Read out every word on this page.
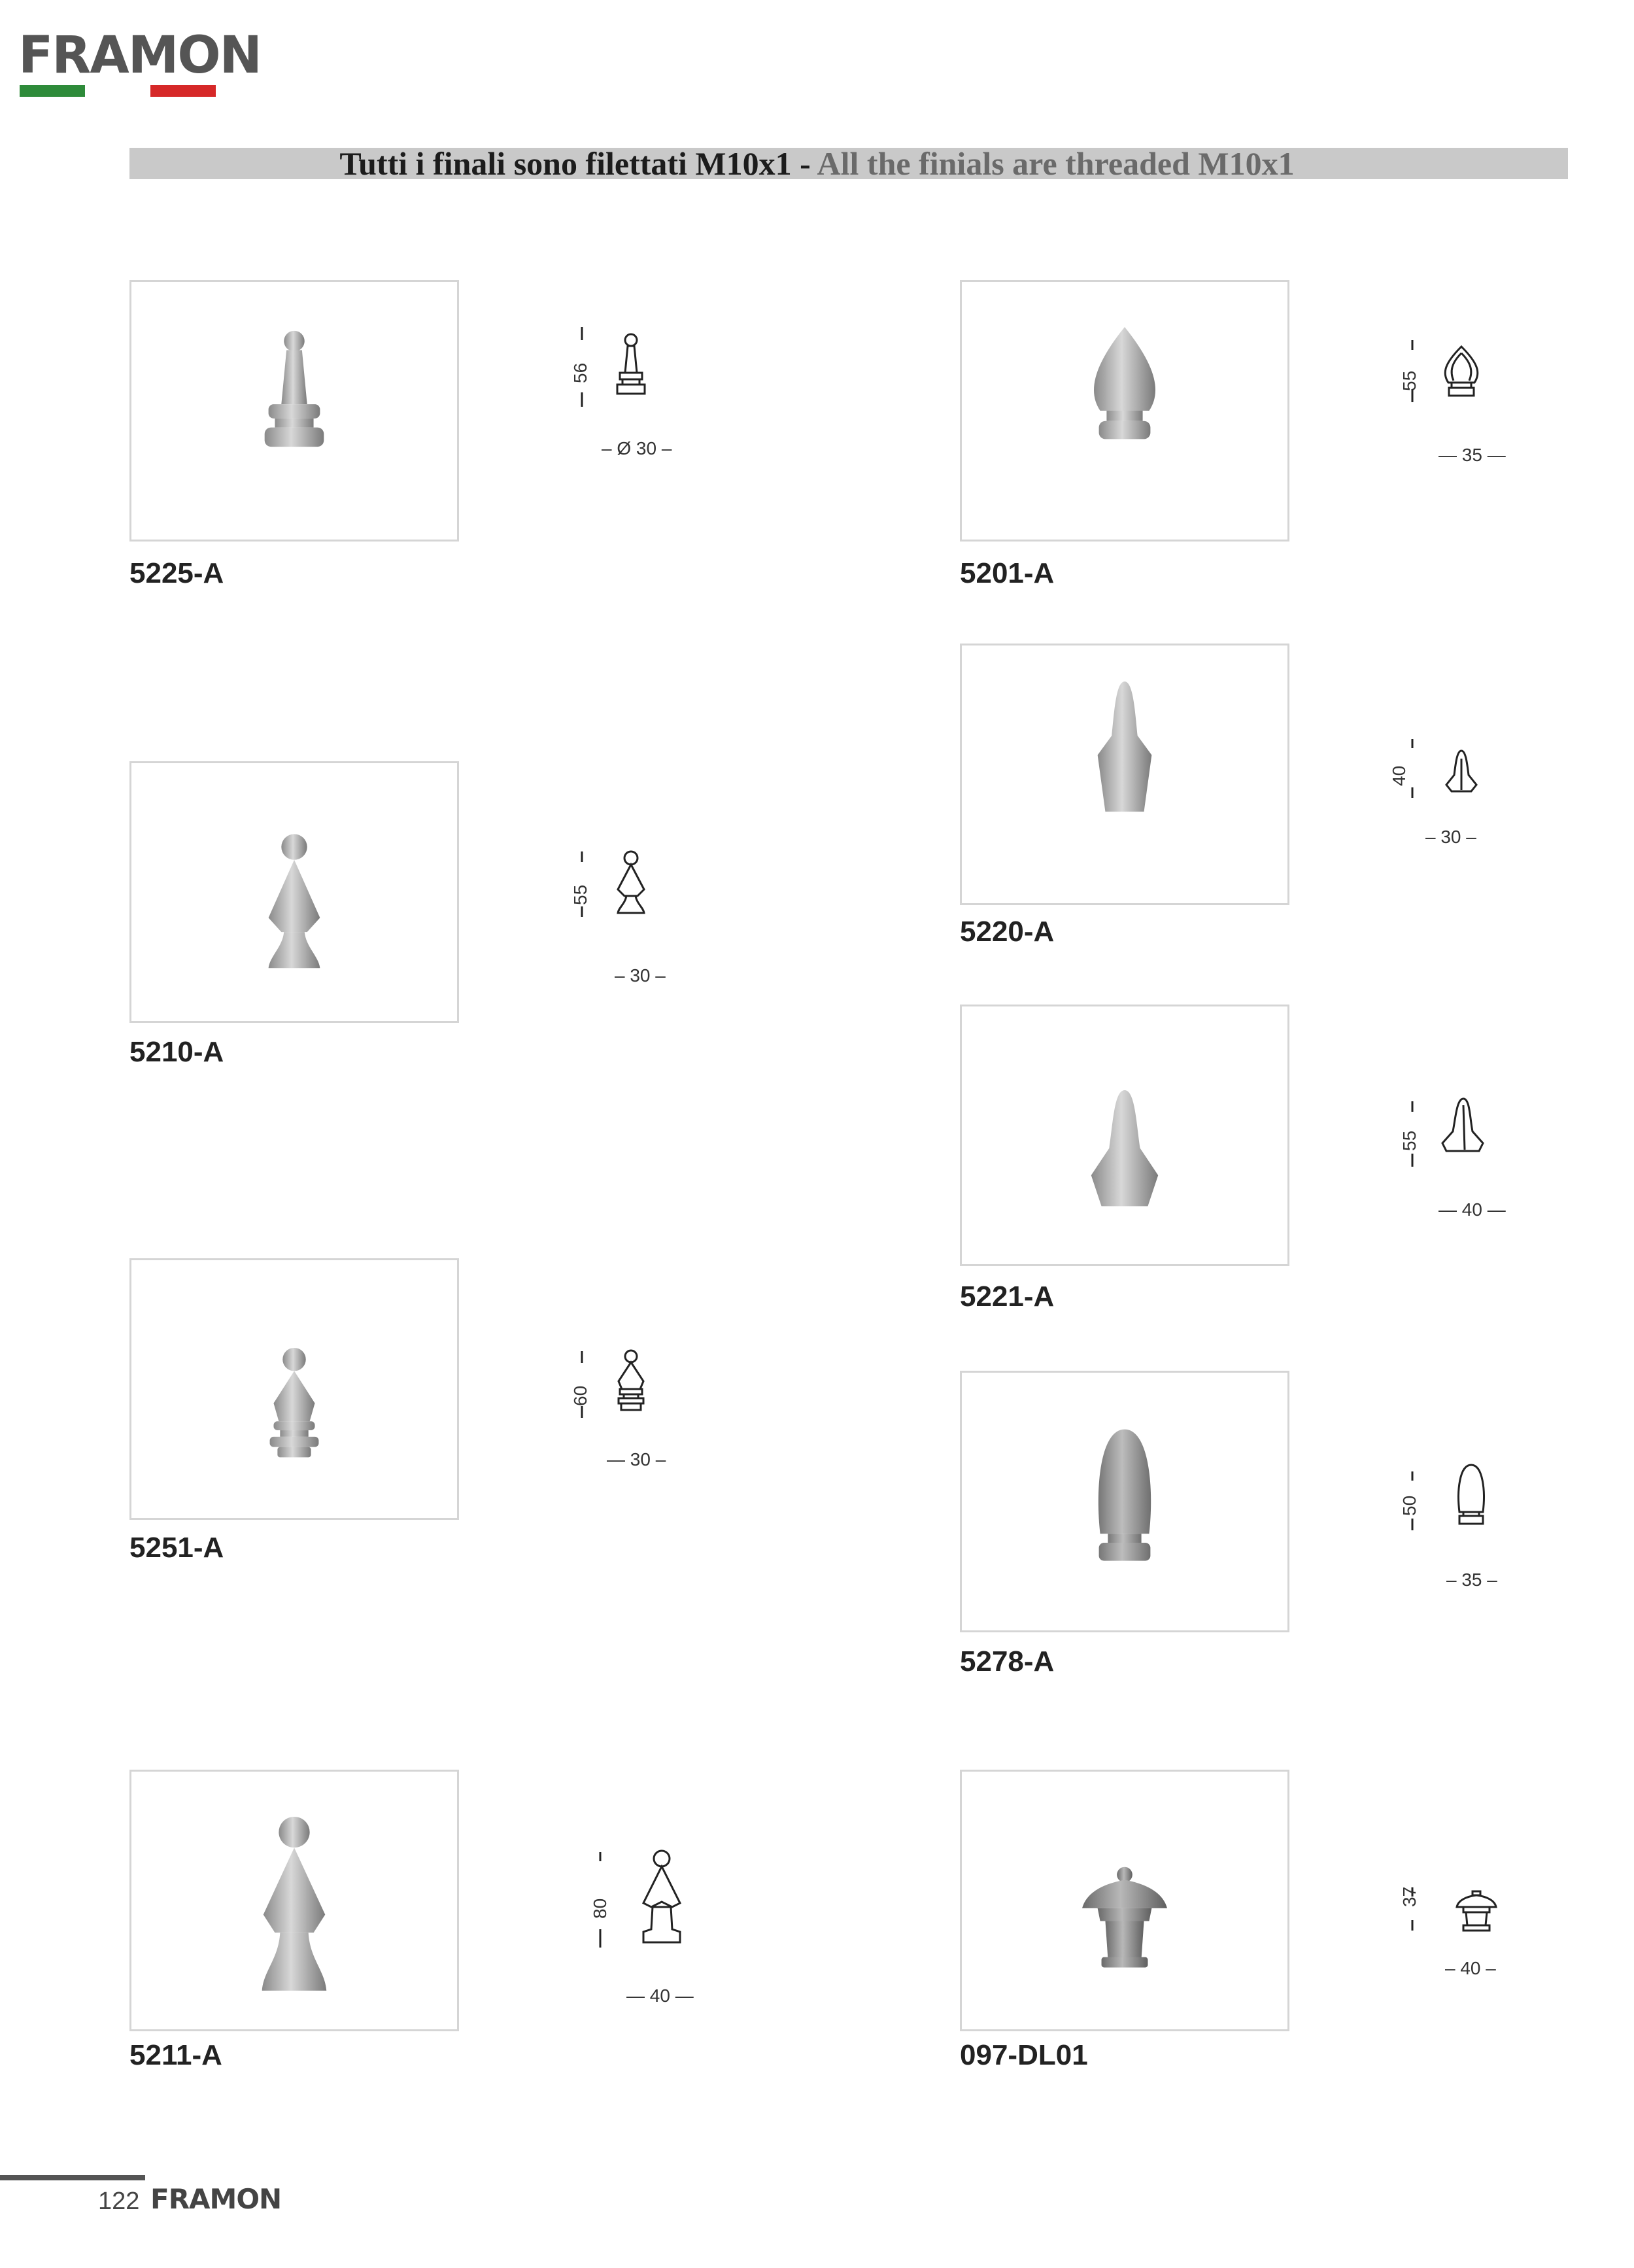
FRAMON
Tutti i finali sono filettati M10x1 - All the finials are threaded M10x1
5225-A
56
– Ø 30 –
5201-A
55
— 35 —
5220-A
40
– 30 –
5210-A
55
– 30 –
5221-A
55
— 40 —
5251-A
60
— 30 –
5278-A
50
– 35 –
5211-A
80
— 40 —
097-DL01
37
– 40 –
122 FRAMON
